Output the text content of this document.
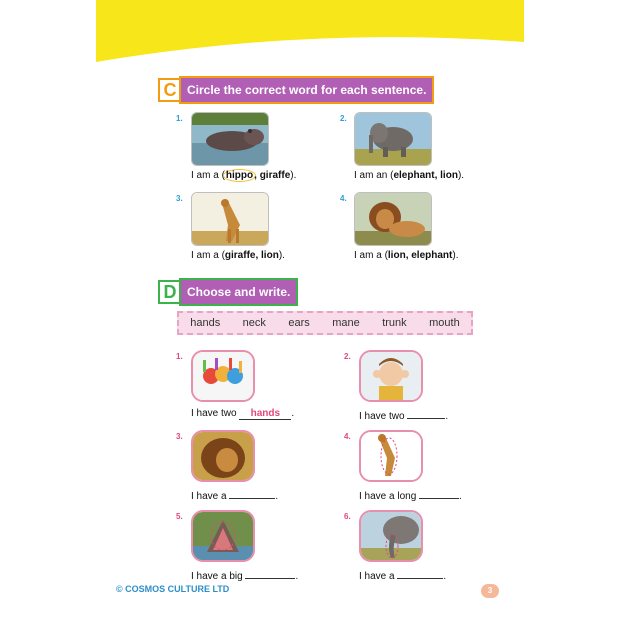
C Circle the correct word for each sentence.
1.
I am a (hippo, giraffe).
2.
I am an (elephant, lion).
3.
I am a (giraffe, lion).
4.
I am a (lion, elephant).
D Choose and write.
hands neck ears mane trunk mouth
1.
I have two hands .
2.
I have two	.
3.
I have a	.
4.
I have a long	.
5.
I have a big	.
6.
I have a	.
© COSMOS CULTURE LTD	3
